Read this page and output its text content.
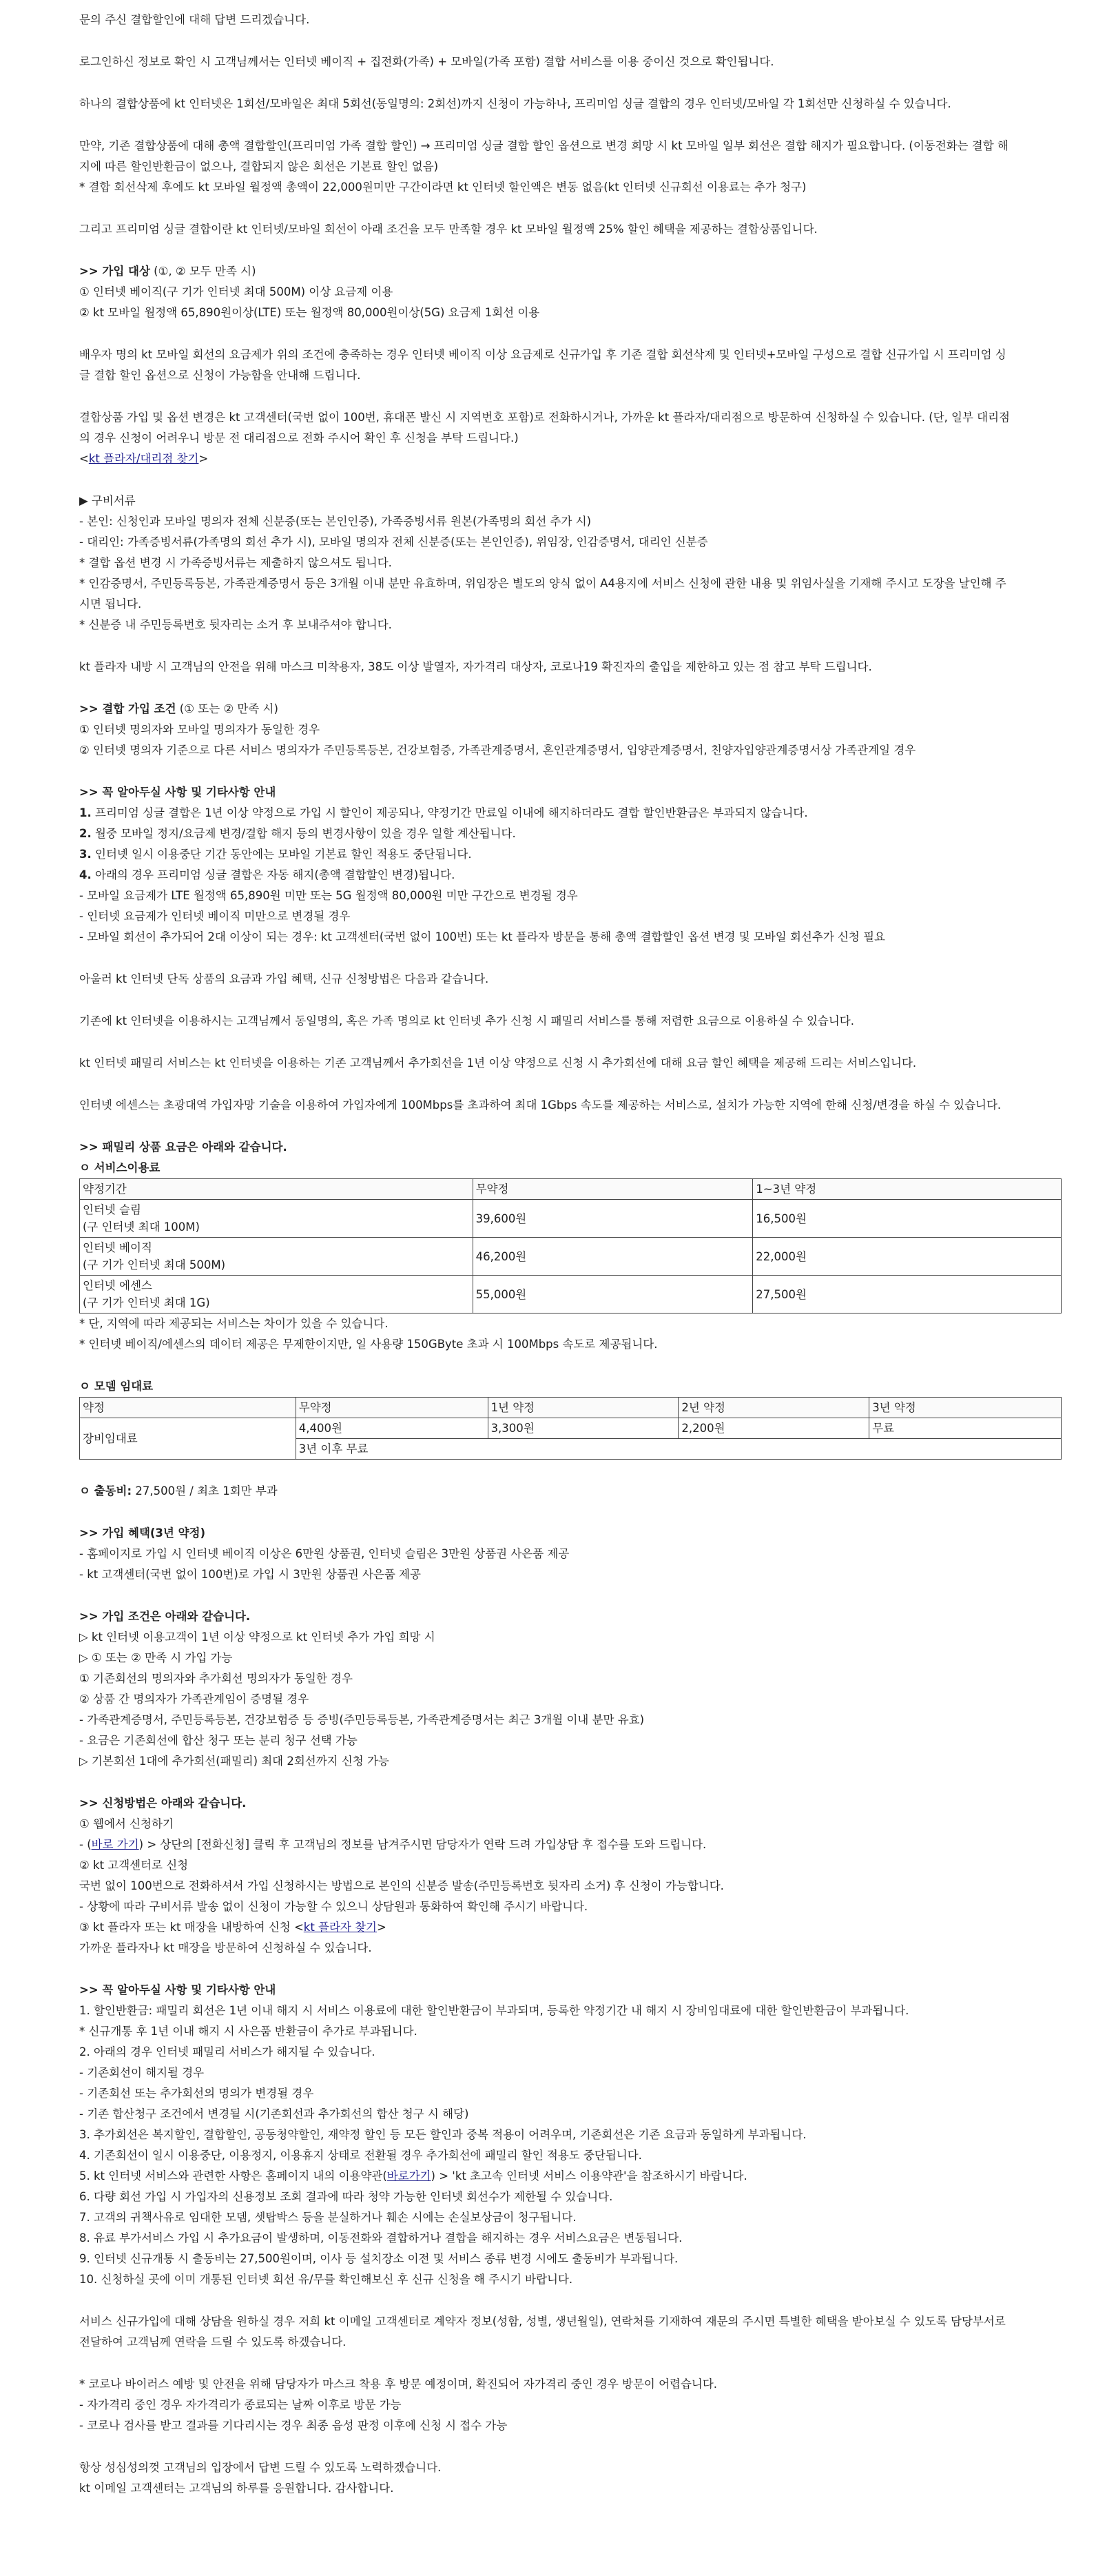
문의 주신 결합할인에 대해 답변 드리겠습니다.

로그인하신 정보로 확인 시 고객님께서는 인터넷 베이직 + 집전화(가족) + 모바일(가족 포함) 결합 서비스를 이용 중이신 것으로 확인됩니다.

하나의 결합상품에 kt 인터넷은 1회선/모바일은 최대 5회선(동일명의: 2회선)까지 신청이 가능하나, 프리미엄 싱글 결합의 경우 인터넷/모바일 각 1회선만 신청하실 수 있습니다.

만약, 기존 결합상품에 대해 총액 결합할인(프리미엄 가족 결합 할인) → 프리미엄 싱글 결합 할인 옵션으로 변경 희망 시 kt 모바일 일부 회선은 결합 해지가 필요합니다. (이동전화는 결합 해

지에 따른 할인반환금이 없으나, 결합되지 않은 회선은 기본료 할인 없음)

* 결합 회선삭제 후에도 kt 모바일 월정액 총액이 22,000원미만 구간이라면 kt 인터넷 할인액은 변동 없음(kt 인터넷 신규회선 이용료는 추가 청구)

그리고 프리미엄 싱글 결합이란 kt 인터넷/모바일 회선이 아래 조건을 모두 만족할 경우 kt 모바일 월정액 25% 할인 혜택을 제공하는 결합상품입니다.

>> 가입 대상 (①, ② 모두 만족 시)

① 인터넷 베이직(구 기가 인터넷 최대 500M) 이상 요금제 이용

② kt 모바일 월정액 65,890원이상(LTE) 또는 월정액 80,000원이상(5G) 요금제 1회선 이용

배우자 명의 kt 모바일 회선의 요금제가 위의 조건에 충족하는 경우 인터넷 베이직 이상 요금제로 신규가입 후 기존 결합 회선삭제 및 인터넷+모바일 구성으로 결합 신규가입 시 프리미엄 싱

글 결합 할인 옵션으로 신청이 가능함을 안내해 드립니다.

결합상품 가입 및 옵션 변경은 kt 고객센터(국번 없이 100번, 휴대폰 발신 시 지역번호 포함)로 전화하시거나, 가까운 kt 플라자/대리점으로 방문하여 신청하실 수 있습니다. (단, 일부 대리점

의 경우 신청이 어려우니 방문 전 대리점으로 전화 주시어 확인 후 신청을 부탁 드립니다.)

<kt 플라자/대리점 찾기>

▶ 구비서류

- 본인: 신청인과 모바일 명의자 전체 신분증(또는 본인인증), 가족증빙서류 원본(가족명의 회선 추가 시)

- 대리인: 가족증빙서류(가족명의 회선 추가 시), 모바일 명의자 전체 신분증(또는 본인인증), 위임장, 인감증명서, 대리인 신분증

* 결합 옵션 변경 시 가족증빙서류는 제출하지 않으셔도 됩니다.

* 인감증명서, 주민등록등본, 가족관계증명서 등은 3개월 이내 분만 유효하며, 위임장은 별도의 양식 없이 A4용지에 서비스 신청에 관한 내용 및 위임사실을 기재해 주시고 도장을 날인해 주

시면 됩니다.

* 신분증 내 주민등록번호 뒷자리는 소거 후 보내주셔야 합니다.

kt 플라자 내방 시 고객님의 안전을 위해 마스크 미착용자, 38도 이상 발열자, 자가격리 대상자, 코로나19 확진자의 출입을 제한하고 있는 점 참고 부탁 드립니다.

>> 결합 가입 조건 (① 또는 ② 만족 시)

① 인터넷 명의자와 모바일 명의자가 동일한 경우

② 인터넷 명의자 기준으로 다른 서비스 명의자가 주민등록등본, 건강보험증, 가족관계증명서, 혼인관계증명서, 입양관계증명서, 친양자입양관계증명서상 가족관계일 경우

>> 꼭 알아두실 사항 및 기타사항 안내

1. 프리미엄 싱글 결합은 1년 이상 약정으로 가입 시 할인이 제공되나, 약정기간 만료일 이내에 해지하더라도 결합 할인반환금은 부과되지 않습니다.

2. 월중 모바일 정지/요금제 변경/결합 해지 등의 변경사항이 있을 경우 일할 계산됩니다.

3. 인터넷 일시 이용중단 기간 동안에는 모바일 기본료 할인 적용도 중단됩니다.

4. 아래의 경우 프리미엄 싱글 결합은 자동 해지(총액 결합할인 변경)됩니다.

- 모바일 요금제가 LTE 월정액 65,890원 미만 또는 5G 월정액 80,000원 미만 구간으로 변경될 경우

- 인터넷 요금제가 인터넷 베이직 미만으로 변경될 경우

- 모바일 회선이 추가되어 2대 이상이 되는 경우: kt 고객센터(국번 없이 100번) 또는 kt 플라자 방문을 통해 총액 결합할인 옵션 변경 및 모바일 회선추가 신청 필요

아울러 kt 인터넷 단독 상품의 요금과 가입 혜택, 신규 신청방법은 다음과 같습니다.

기존에 kt 인터넷을 이용하시는 고객님께서 동일명의, 혹은 가족 명의로 kt 인터넷 추가 신청 시 패밀리 서비스를 통해 저렴한 요금으로 이용하실 수 있습니다.

kt 인터넷 패밀리 서비스는 kt 인터넷을 이용하는 기존 고객님께서 추가회선을 1년 이상 약정으로 신청 시 추가회선에 대해 요금 할인 혜택을 제공해 드리는 서비스입니다.

인터넷 에센스는 초광대역 가입자망 기술을 이용하여 가입자에게 100Mbps를 초과하여 최대 1Gbps 속도를 제공하는 서비스로, 설치가 가능한 지역에 한해 신청/변경을 하실 수 있습니다.

>> 패밀리 상품 요금은 아래와 같습니다.

ㅇ 서비스이용료

약정기간	무약정	1~3년 약정

인터넷 슬림
(구 인터넷 최대 100M)	39,600원	16,500원

인터넷 베이직
(구 기가 인터넷 최대 500M)	46,200원	22,000원

인터넷 에센스
(구 기가 인터넷 최대 1G)	55,000원	27,500원

* 단, 지역에 따라 제공되는 서비스는 차이가 있을 수 있습니다.

* 인터넷 베이직/에센스의 데이터 제공은 무제한이지만, 일 사용량 150GByte 초과 시 100Mbps 속도로 제공됩니다.

ㅇ 모뎀 임대료

약정	무약정	1년 약정	2년 약정	3년 약정
장비임대료	4,400원	3,300원	2,200원	무료
	3년 이후 무료			

ㅇ 출동비: 27,500원 / 최초 1회만 부과

>> 가입 혜택(3년 약정)

- 홈페이지로 가입 시 인터넷 베이직 이상은 6만원 상품권, 인터넷 슬림은 3만원 상품권 사은품 제공

- kt 고객센터(국번 없이 100번)로 가입 시 3만원 상품권 사은품 제공

>> 가입 조건은 아래와 같습니다.

▷ kt 인터넷 이용고객이 1년 이상 약정으로 kt 인터넷 추가 가입 희망 시

▷ ① 또는 ② 만족 시 가입 가능

① 기존회선의 명의자와 추가회선 명의자가 동일한 경우

② 상품 간 명의자가 가족관계임이 증명될 경우

- 가족관계증명서, 주민등록등본, 건강보험증 등 증빙(주민등록등본, 가족관계증명서는 최근 3개월 이내 분만 유효)

- 요금은 기존회선에 합산 청구 또는 분리 청구 선택 가능

▷ 기본회선 1대에 추가회선(패밀리) 최대 2회선까지 신청 가능

>> 신청방법은 아래와 같습니다.

① 웹에서 신청하기

- (바로 가기) > 상단의 [전화신청] 클릭 후 고객님의 정보를 남겨주시면 담당자가 연락 드려 가입상담 후 접수를 도와 드립니다.

② kt 고객센터로 신청

국번 없이 100번으로 전화하셔서 가입 신청하시는 방법으로 본인의 신분증 발송(주민등록번호 뒷자리 소거) 후 신청이 가능합니다.

- 상황에 따라 구비서류 발송 없이 신청이 가능할 수 있으니 상담원과 통화하여 확인해 주시기 바랍니다.

③ kt 플라자 또는 kt 매장을 내방하여 신청 <kt 플라자 찾기>

가까운 플라자나 kt 매장을 방문하여 신청하실 수 있습니다.

>> 꼭 알아두실 사항 및 기타사항 안내

1. 할인반환금: 패밀리 회선은 1년 이내 해지 시 서비스 이용료에 대한 할인반환금이 부과되며, 등록한 약정기간 내 해지 시 장비임대료에 대한 할인반환금이 부과됩니다.

* 신규개통 후 1년 이내 해지 시 사은품 반환금이 추가로 부과됩니다.

2. 아래의 경우 인터넷 패밀리 서비스가 해지될 수 있습니다.

- 기존회선이 해지될 경우

- 기존회선 또는 추가회선의 명의가 변경될 경우

- 기존 합산청구 조건에서 변경될 시(기존회선과 추가회선의 합산 청구 시 해당)

3. 추가회선은 복지할인, 결합할인, 공동청약할인, 재약정 할인 등 모든 할인과 중복 적용이 어려우며, 기존회선은 기존 요금과 동일하게 부과됩니다.

4. 기존회선이 일시 이용중단, 이용정지, 이용휴지 상태로 전환될 경우 추가회선에 패밀리 할인 적용도 중단됩니다.

5. kt 인터넷 서비스와 관련한 사항은 홈페이지 내의 이용약관(바로가기) > 'kt 초고속 인터넷 서비스 이용약관'을 참조하시기 바랍니다.

6. 다량 회선 가입 시 가입자의 신용정보 조회 결과에 따라 청약 가능한 인터넷 회선수가 제한될 수 있습니다.

7. 고객의 귀책사유로 임대한 모뎀, 셋탑박스 등을 분실하거나 훼손 시에는 손실보상금이 청구됩니다.

8. 유료 부가서비스 가입 시 추가요금이 발생하며, 이동전화와 결합하거나 결합을 해지하는 경우 서비스요금은 변동됩니다.

9. 인터넷 신규개통 시 출동비는 27,500원이며, 이사 등 설치장소 이전 및 서비스 종류 변경 시에도 출동비가 부과됩니다.

10. 신청하실 곳에 이미 개통된 인터넷 회선 유/무를 확인해보신 후 신규 신청을 해 주시기 바랍니다.

서비스 신규가입에 대해 상담을 원하실 경우 저희 kt 이메일 고객센터로 계약자 정보(성함, 성별, 생년월일), 연락처를 기재하여 재문의 주시면 특별한 혜택을 받아보실 수 있도록 담당부서로

전달하여 고객님께 연락을 드릴 수 있도록 하겠습니다.

* 코로나 바이러스 예방 및 안전을 위해 담당자가 마스크 착용 후 방문 예정이며, 확진되어 자가격리 중인 경우 방문이 어렵습니다.

- 자가격리 중인 경우 자가격리가 종료되는 날짜 이후로 방문 가능

- 코로나 검사를 받고 결과를 기다리시는 경우 최종 음성 판정 이후에 신청 시 접수 가능

항상 성심성의껏 고객님의 입장에서 답변 드릴 수 있도록 노력하겠습니다.

kt 이메일 고객센터는 고객님의 하루를 응원합니다. 감사합니다.
